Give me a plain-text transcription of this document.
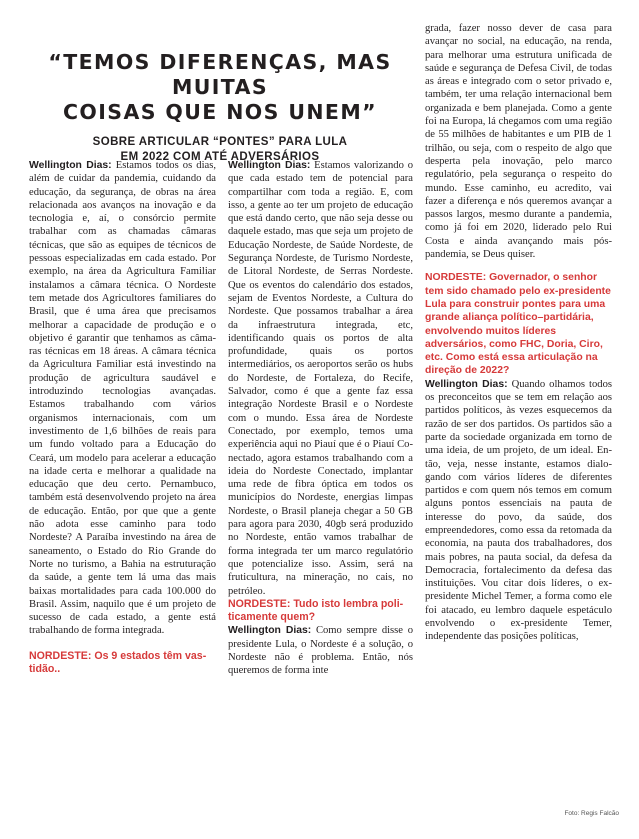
“TEMOS DIFERENÇAS, MAS MUITAS
COISAS QUE NOS UNEM”
SOBRE ARTICULAR “PONTES” PARA LULA
EM 2022 COM ATÉ ADVERSÁRIOS

Wellington Dias: Estamos todos os dias, além de cuidar da pandemia, cuidando da educação, da segurança, de obras na área relacionada aos avanços na inovação e da tecnologia e, aí, o consórcio permite trabalhar com as chamadas câmaras técnicas, que são as equipes de técnicos de pessoas especializadas em cada estado. Por exemplo, na área da Agricultura Familiar instalamos a câmara técnica. O Nordeste tem metade dos Agricultores familiares do Brasil, que é uma área que precisamos melhorar a capacidade de produção e o objetivo é garantir que tenhamos as câmaras técnicas em 18 áreas. A câmara técnica da Agricultura Familiar está investindo na produção de agricultura saudável e introduzindo tecnologias avançadas. Estamos trabalhando com vários organismos internacionais, com um investimento de 1,6 bilhões de reais para um fundo voltado para a Educação do Ceará, um modelo para acelerar a educação na idade certa e melhorar a qualidade na educação que deu certo. Pernambuco, também está desenvolvendo projeto na área de educação. Então, por que que a gente não adota esse caminho para todo Nordeste? A Paraíba investindo na área de saneamento, o Estado do Rio Grande do Norte no turismo, a Bahia na estruturação da saúde, a gente tem lá uma das mais baixas mortalidades para cada 100.000 do Brasil. Assim, naquilo que é um projeto de sucesso de cada estado, a gente está trabalhando de forma integrada.

NORDESTE: Os 9 estados têm vastidão..

Wellington Dias: Estamos valorizando o que cada estado tem de potencial para compartilhar com toda a região. E, com isso, a gente ao ter um projeto de educação que está dando certo, que não seja desse ou daquele estado, mas que seja um projeto de Educação Nordeste, de Saúde Nordeste, de Segurança Nordeste, de Turismo Nordeste, de Litoral Nordeste, de Serras Nordeste. Que os eventos do calendário dos estados, sejam de Eventos Nordeste, a Cultura do Nordeste. Que possamos trabalhar a área da infraestrutura integrada, etc, identificando quais os portos de alta profundidade, quais os portos intermediários, os aeroportos serão os hubs do Nordeste, de Fortaleza, do Recife, Salvador, como é que a gente faz essa integração Nordeste Brasil e o Nordeste com o mundo. Essa área de Nordeste Conectado, por exemplo, temos uma experiência aqui no Piauí que é o Piauí Conectado, agora estamos trabalhando com a ideia do Nordeste Conectado, implantar uma rede de fibra óptica em todos os municípios do Nordeste, energias limpas Nordeste, o Brasil planeja chegar a 50 GB para agora para 2030, 40gb será produzido no Nordeste, então vamos trabalhar de forma integrada ter um marco regulatório que potencialize isso. Assim, será na fruticultura, na mineração, no cais, no petróleo.

NORDESTE: Tudo isto lembra politicamente quem?

Wellington Dias: Como sempre disse o presidente Lula, o Nordeste é a solução, o Nordeste não é problema. Então, nós queremos de forma inte

grada, fazer nosso dever de casa para avançar no social, na educação, na renda, para melhorar uma estrutura unificada de saúde e segurança de Defesa Civil, de todas as áreas e integrado com o setor privado e, também, ter uma relação internacional bem organizada e bem planejada. Como a gente foi na Europa, lá chegamos com uma região de 55 milhões de habitantes e um PIB de 1 trilhão, ou seja, com o respeito de algo que desperta pela inovação, pelo marco regulatório, pela segurança o respeito do mundo. Esse caminho, eu acredito, vai fazer a diferença e nós queremos avançar a passos largos, mesmo durante a pandemia, como já foi em 2020, liderado pelo Rui Costa e ainda avançando mais pós-pandemia, se Deus quiser.

NORDESTE: Governador, o senhor tem sido chamado pelo ex-presidente Lula para construir pontes para uma grande aliança político–partidária, envolvendo muitos líderes adversários, como FHC, Doria, Ciro, etc. Como está essa articulação na direção de 2022?

Wellington Dias: Quando olhamos todos os preconceitos que se tem em relação aos partidos políticos, às vezes esquecemos da razão de ser dos partidos. Os partidos são a parte da sociedade organizada em torno de uma ideia, de um projeto, de um ideal. Então, veja, nesse instante, estamos dialogando com vários líderes de diferentes partidos e com quem nós temos em comum alguns pontos essenciais na pauta de interesse do povo, da saúde, dos empreendedores, como essa da retomada da economia, na pauta dos trabalhadores, dos mais pobres, na pauta social, da defesa da Democracia, fortalecimento da defesa das instituições. Vou citar dois líderes, o ex-presidente Michel Temer, a forma como ele foi atacado, eu lembro daquele espetáculo envolvendo o ex-presidente Temer, independente das posições políticas,

Foto: Regis Falcão
